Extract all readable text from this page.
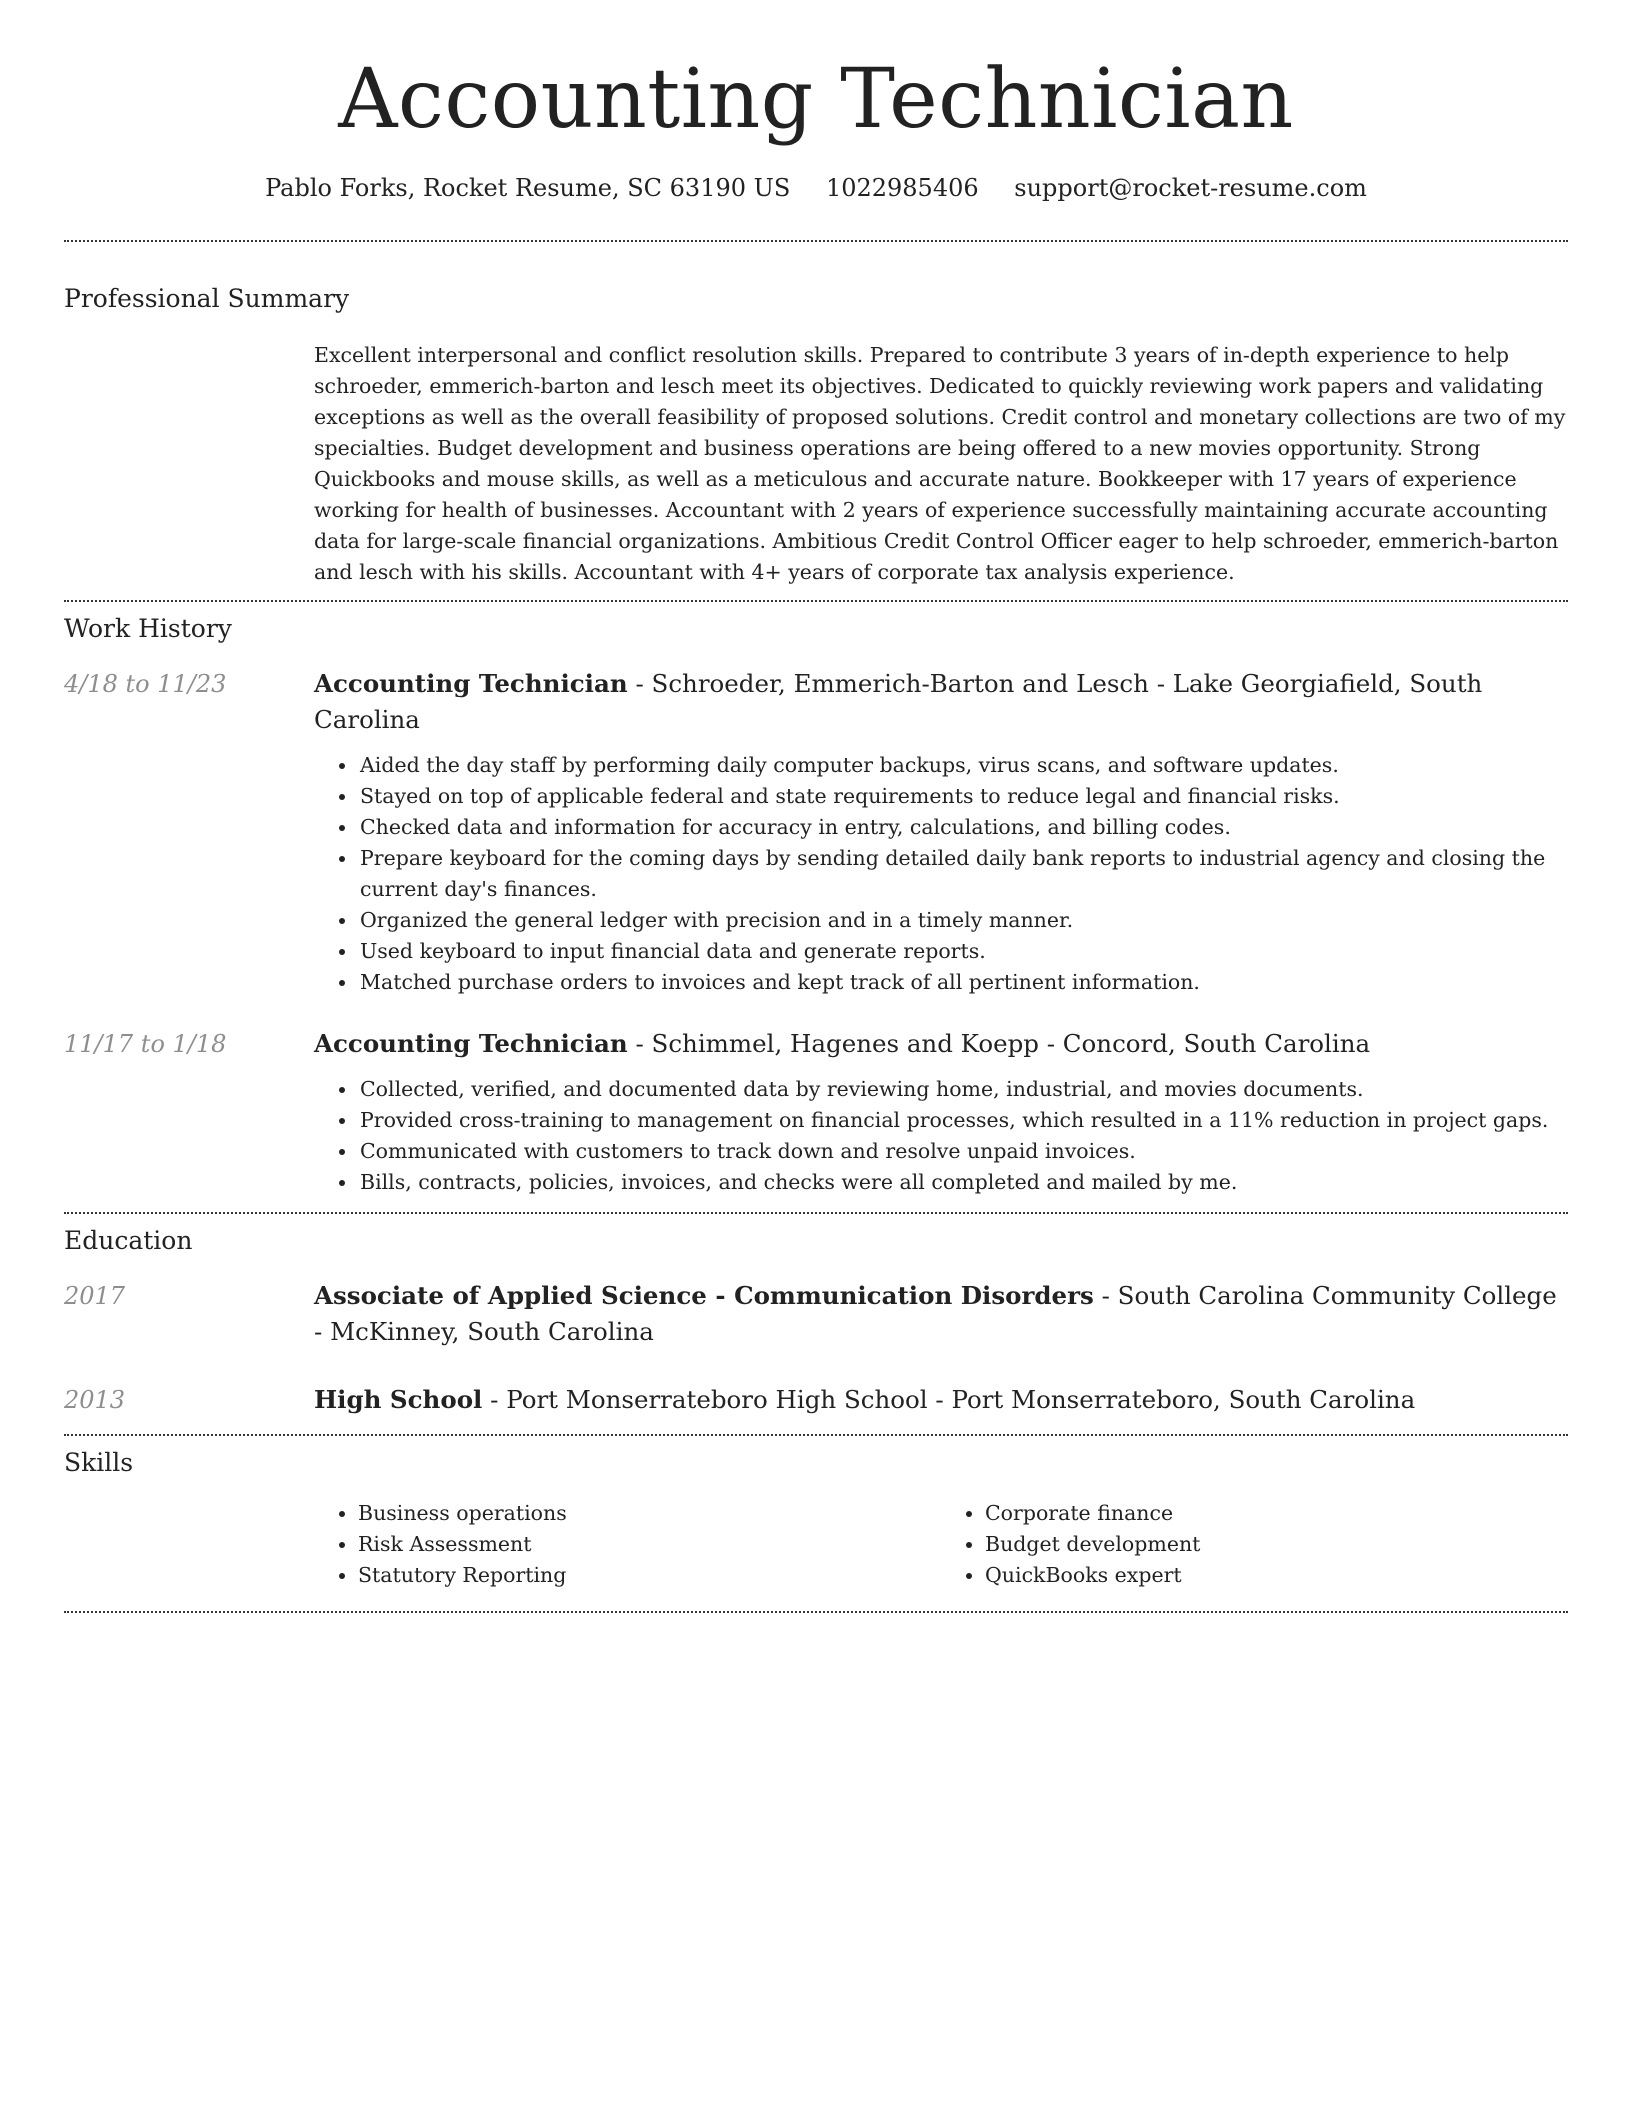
Accounting Technician
Pablo Forks, Rocket Resume, SC 63190 US 1022985406 support@rocket-resume.com
Professional Summary

Excellent interpersonal and conflict resolution skills. Prepared to contribute 3 years of in-depth experience to help schroeder, emmerich-barton and lesch meet its objectives. Dedicated to quickly reviewing work papers and validating exceptions as well as the overall feasibility of proposed solutions. Credit control and monetary collections are two of my specialties. Budget development and business operations are being offered to a new movies opportunity. Strong Quickbooks and mouse skills, as well as a meticulous and accurate nature. Bookkeeper with 17 years of experience working for health of businesses. Accountant with 2 years of experience successfully maintaining accurate accounting data for large-scale financial organizations. Ambitious Credit Control Officer eager to help schroeder, emmerich-barton and lesch with his skills. Accountant with 4+ years of corporate tax analysis experience.

Work History
4/18 to 11/23	Accounting Technician - Schroeder, Emmerich-Barton and Lesch - Lake Georgiafield, South Carolina
• Aided the day staff by performing daily computer backups, virus scans, and software updates.
• Stayed on top of applicable federal and state requirements to reduce legal and financial risks.
• Checked data and information for accuracy in entry, calculations, and billing codes.
• Prepare keyboard for the coming days by sending detailed daily bank reports to industrial agency and closing the current day's finances.
• Organized the general ledger with precision and in a timely manner.
• Used keyboard to input financial data and generate reports.
• Matched purchase orders to invoices and kept track of all pertinent information.
11/17 to 1/18	Accounting Technician - Schimmel, Hagenes and Koepp - Concord, South Carolina
• Collected, verified, and documented data by reviewing home, industrial, and movies documents.
• Provided cross-training to management on financial processes, which resulted in a 11% reduction in project gaps.
• Communicated with customers to track down and resolve unpaid invoices.
• Bills, contracts, policies, invoices, and checks were all completed and mailed by me.
Education
2017	Associate of Applied Science - Communication Disorders - South Carolina Community College - McKinney, South Carolina
2013	High School - Port Monserrateboro High School - Port Monserrateboro, South Carolina
Skills
• Business operations
• Risk Assessment
• Statutory Reporting
• Corporate finance
• Budget development
• QuickBooks expert
